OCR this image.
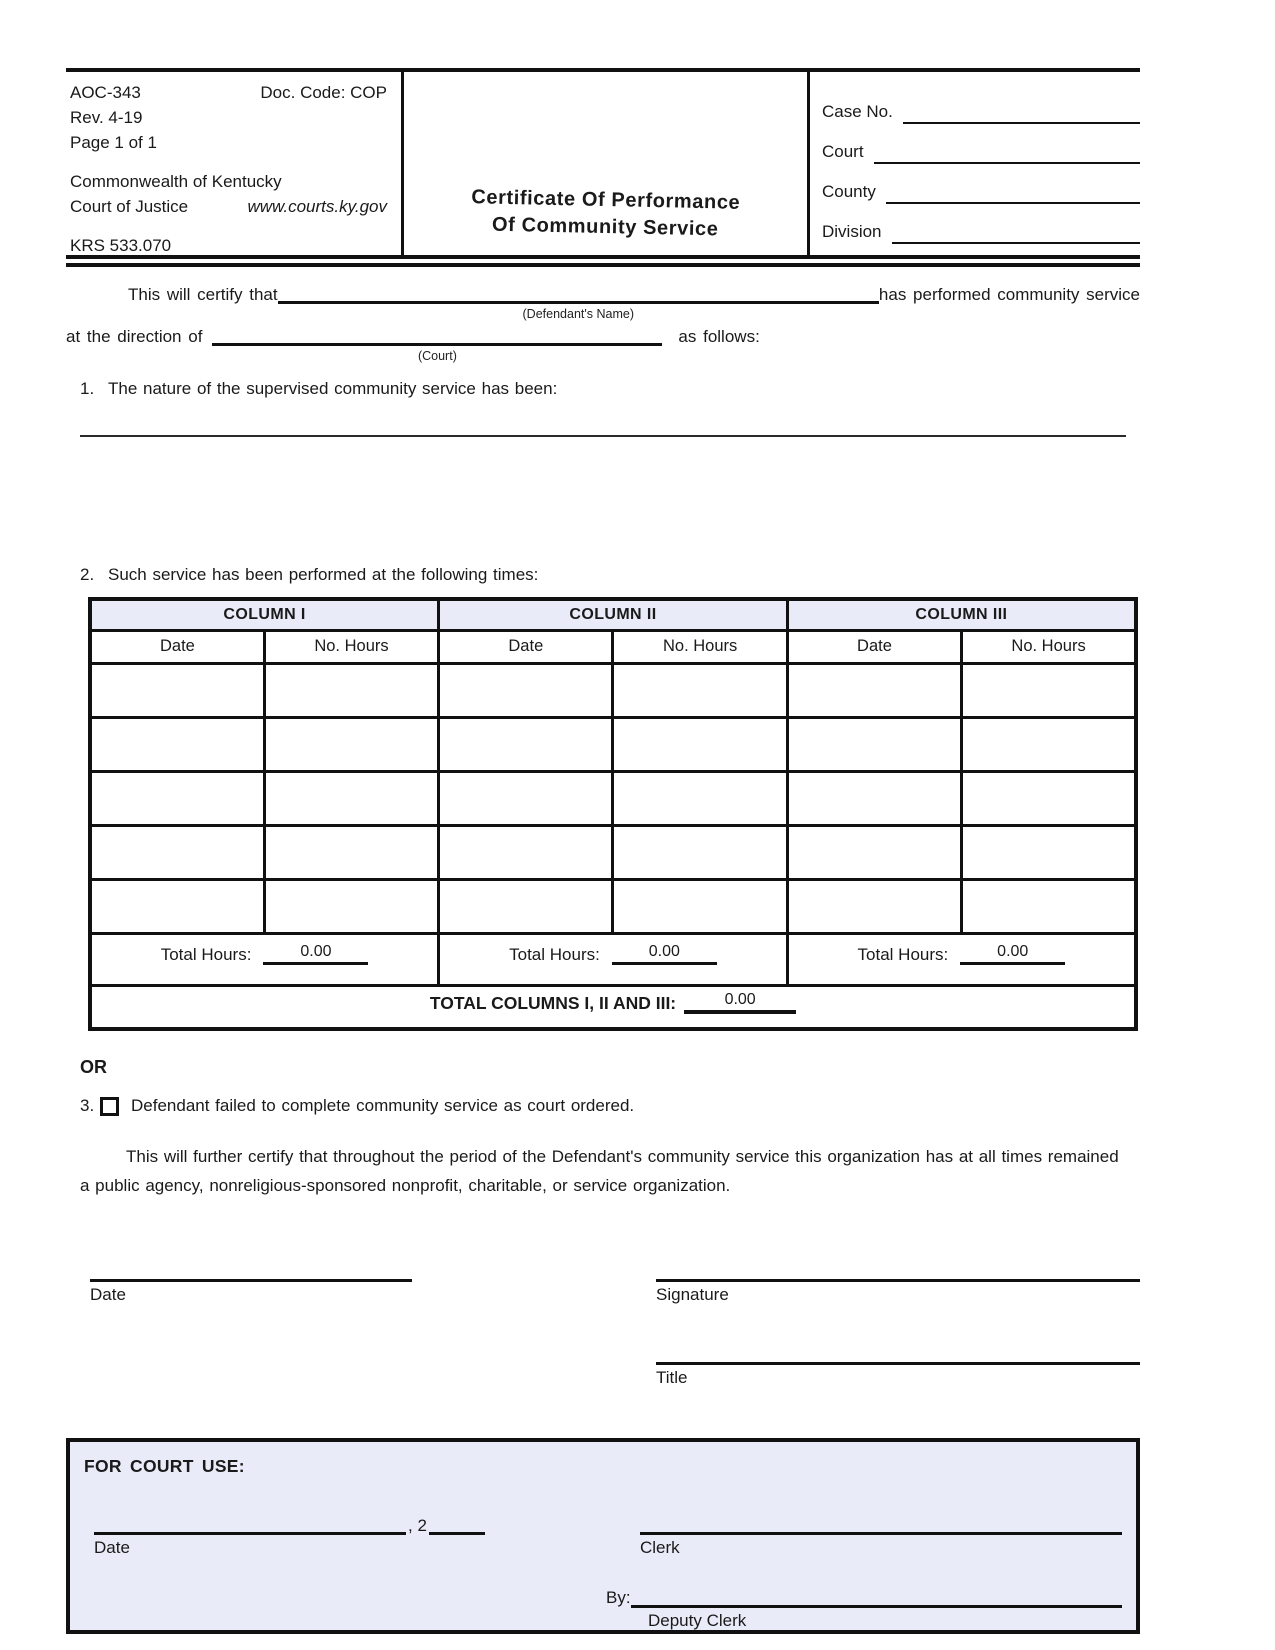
AOC-343	Doc. Code: COP
Rev. 4-19
Page 1 of 1
Commonwealth of Kentucky
Court of Justice	www.courts.ky.gov
KRS 533.070
Certificate Of Performance
Of Community Service
Case No.
Court
County
Division
This will certify that
(Defendant's Name)
has performed community service
at the direction of
(Court)
as follows:
1. The nature of the supervised community service has been:
2. Such service has been performed at the following times:
COLUMN I		COLUMN II		COLUMN III	
Date	No. Hours	Date	No. Hours	Date	No. Hours

Total Hours: 0.00		Total Hours: 0.00		Total Hours: 0.00	

TOTAL COLUMNS I, II AND III: 0.00					
OR
3.	Defendant failed to complete community service as court ordered.
This will further certify that throughout the period of the Defendant's community service this organization has at all times remained a public agency, nonreligious-sponsored nonprofit, charitable, or service organization.
Date	Signature
Title
FOR COURT USE:
, 2
Date	Clerk
By:
Deputy Clerk
